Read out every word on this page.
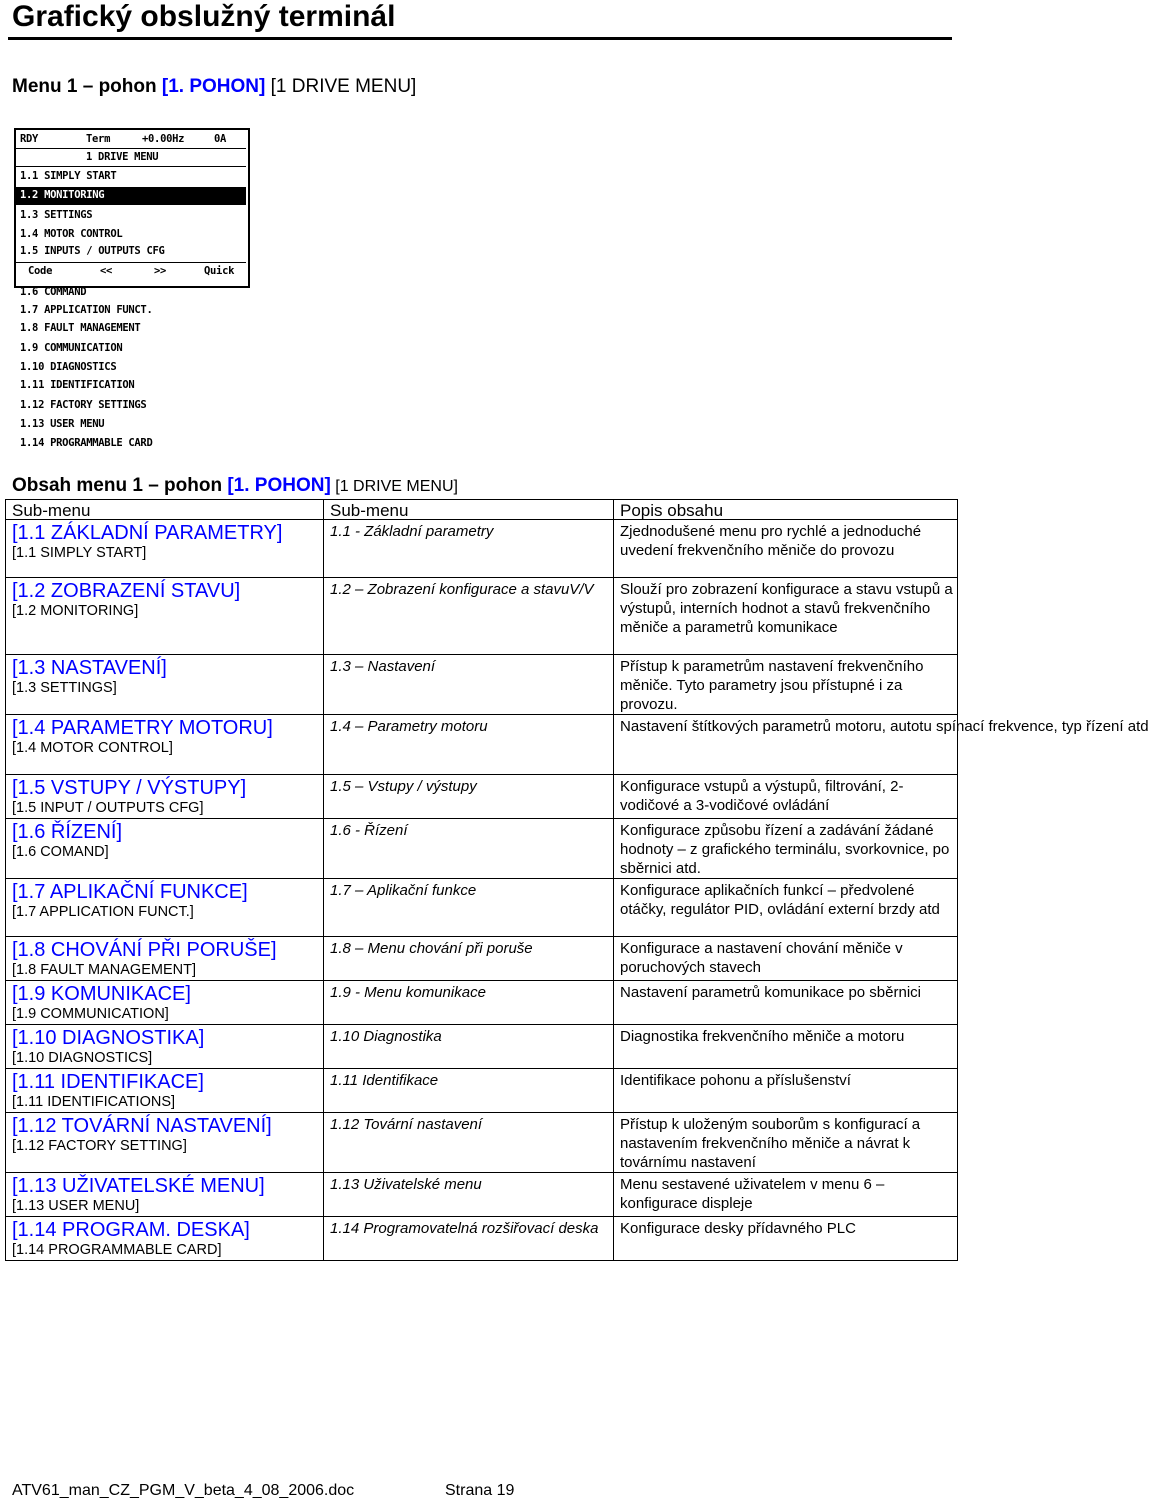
Grafický obslužný terminál
Menu 1 – pohon [1. POHON] [1 DRIVE MENU]
RDY	Term	+0.00Hz	0A
1 DRIVE MENU
1.1 SIMPLY START
1.2 MONITORING
1.3 SETTINGS
1.4 MOTOR CONTROL
1.5 INPUTS / OUTPUTS CFG
Code	<<	>>	Quick
1.6 COMMAND
1.7 APPLICATION FUNCT.
1.8 FAULT MANAGEMENT
1.9 COMMUNICATION
1.10 DIAGNOSTICS
1.11 IDENTIFICATION
1.12 FACTORY SETTINGS
1.13 USER MENU
1.14 PROGRAMMABLE CARD
Obsah menu 1 – pohon [1. POHON] [1 DRIVE MENU]
Sub-menu	Sub-menu	Popis obsahu

[1.1 ZÁKLADNÍ PARAMETRY]
[1.1 SIMPLY START]	1.1 - Základní parametry	Zjednodušené menu pro rychlé a jednoduché uvedení frekvenčního měniče do provozu

[1.2 ZOBRAZENÍ STAVU]
[1.2 MONITORING]	1.2 – Zobrazení konfigurace a stavuV/V	Slouží pro zobrazení konfigurace a stavu vstupů a výstupů, interních hodnot a stavů frekvenčního měniče a parametrů komunikace

[1.3 NASTAVENÍ]
[1.3 SETTINGS]	1.3 – Nastavení	Přístup k parametrům nastavení frekvenčního měniče. Tyto parametry jsou přístupné i za provozu.

[1.4 PARAMETRY MOTORU]
[1.4 MOTOR CONTROL]	1.4 – Parametry motoru	Nastavení štítkových parametrů motoru, autotu spínací frekvence, typ řízení atd

[1.5 VSTUPY / VÝSTUPY]
[1.5 INPUT / OUTPUTS CFG]	1.5 – Vstupy / výstupy	Konfigurace vstupů a výstupů, filtrování, 2-vodičové a 3-vodičové ovládání

[1.6 ŘÍZENÍ]
[1.6 COMAND]	1.6 - Řízení	Konfigurace způsobu řízení a zadávání žádané hodnoty – z grafického terminálu, svorkovnice, po sběrnici atd.

[1.7 APLIKAČNÍ FUNKCE]
[1.7 APPLICATION FUNCT.]	1.7 – Aplikační funkce	Konfigurace aplikačních funkcí – předvolené otáčky, regulátor PID, ovládání externí brzdy atd

[1.8 CHOVÁNÍ PŘI PORUŠE]
[1.8 FAULT MANAGEMENT]	1.8 – Menu chování při poruše	Konfigurace a nastavení chování měniče v poruchových stavech

[1.9 KOMUNIKACE]
[1.9 COMMUNICATION]	1.9 - Menu komunikace	Nastavení parametrů komunikace po sběrnici

[1.10 DIAGNOSTIKA]
[1.10 DIAGNOSTICS]	1.10 Diagnostika	Diagnostika frekvenčního měniče a motoru

[1.11 IDENTIFIKACE]
[1.11 IDENTIFICATIONS]	1.11 Identifikace	Identifikace pohonu a příslušenství

[1.12 TOVÁRNÍ NASTAVENÍ]
[1.12 FACTORY SETTING]	1.12 Tovární nastavení	Přístup k uloženým souborům s konfigurací a nastavením frekvenčního měniče a návrat k továrnímu nastavení

[1.13 UŽIVATELSKÉ MENU]
[1.13 USER MENU]	1.13 Uživatelské menu	Menu sestavené uživatelem v menu 6 – konfigurace displeje

[1.14 PROGRAM. DESKA]
[1.14 PROGRAMMABLE CARD]	1.14 Programovatelná rozšiřovací deska	Konfigurace desky přídavného PLC
ATV61_man_CZ_PGM_V_beta_4_08_2006.doc	Strana 19
